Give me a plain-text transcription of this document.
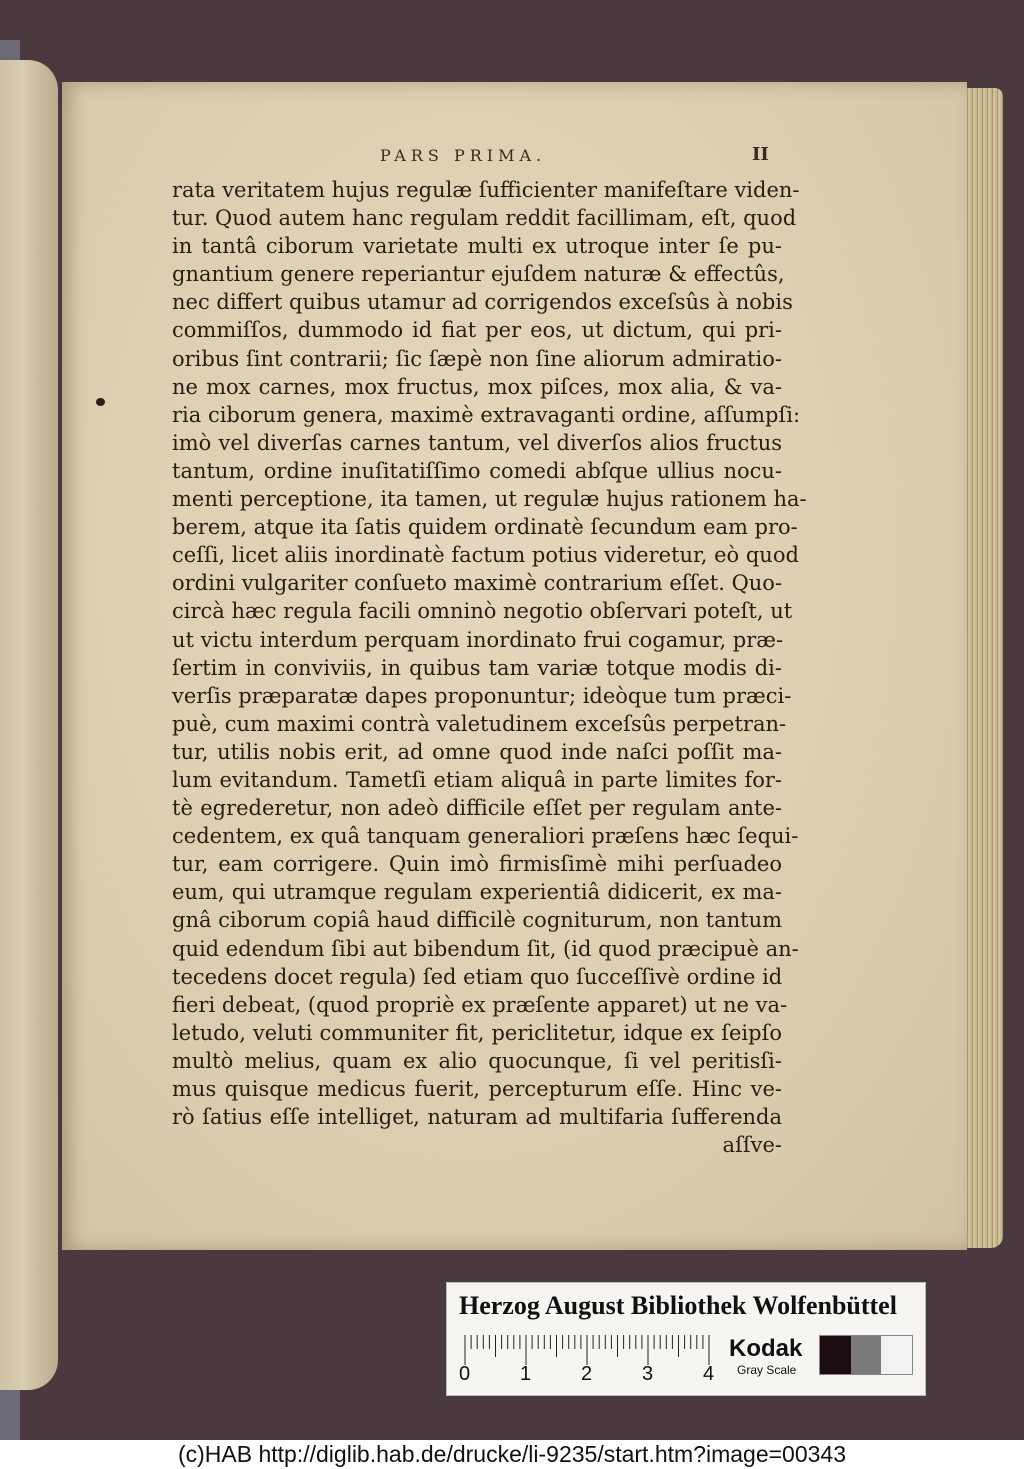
PARS PRIMA.	II
rata veritatem hujus regulæ ſufficienter manifeſtare viden-
tur. Quod autem hanc regulam reddit facillimam, eſt, quod
in tantâ ciborum varietate multi ex utroque inter ſe pu-
gnantium genere reperiantur ejuſdem naturæ & effectûs,
nec differt quibus utamur ad corrigendos exceſsûs à nobis
commiſſos, dummodo id fiat per eos, ut dictum, qui pri-
oribus ſint contrarii; ſic ſæpè non ſine aliorum admiratio-
ne mox carnes, mox fructus, mox piſces, mox alia, & va-
ria ciborum genera, maximè extravaganti ordine, aſſumpſi:
imò vel diverſas carnes tantum, vel diverſos alios fructus
tantum, ordine inuſitatiſſimo comedi abſque ullius nocu-
menti perceptione, ita tamen, ut regulæ hujus rationem ha-
berem, atque ita ſatis quidem ordinatè ſecundum eam pro-
ceſſi, licet aliis inordinatè factum potius videretur, eò quod
ordini vulgariter conſueto maximè contrarium eſſet. Quo-
circà hæc regula facili omninò negotio obſervari poteſt, ut
ut victu interdum perquam inordinato frui cogamur, præ-
ſertim in conviviis, in quibus tam variæ totque modis di-
verſis præparatæ dapes proponuntur; ideòque tum præci-
puè, cum maximi contrà valetudinem exceſsûs perpetran-
tur, utilis nobis erit, ad omne quod inde naſci poſſit ma-
lum evitandum. Tametſi etiam aliquâ in parte limites for-
tè egrederetur, non adeò difficile eſſet per regulam ante-
cedentem, ex quâ tanquam generaliori præſens hæc ſequi-
tur, eam corrigere. Quin imò firmisſimè mihi perſuadeo
eum, qui utramque regulam experientiâ didicerit, ex ma-
gnâ ciborum copiâ haud difficilè cogniturum, non tantum
quid edendum ſibi aut bibendum ſit, (id quod præcipuè an-
tecedens docet regula) ſed etiam quo ſucceſſivè ordine id
fieri debeat, (quod propriè ex præſente apparet) ut ne va-
letudo, veluti communiter fit, periclitetur, idque ex ſeipſo
multò melius, quam ex alio quocunque, ſi vel peritisſi-
mus quisque medicus fuerit, percepturum eſſe. Hinc ve-
rò ſatius eſſe intelliget, naturam ad multifaria ſufferenda
aſſve-
Herzog August Bibliothek Wolfenbüttel
0 1 2 3 4
Kodak
Gray Scale
(c)HAB http://diglib.hab.de/drucke/li-9235/start.htm?image=00343
